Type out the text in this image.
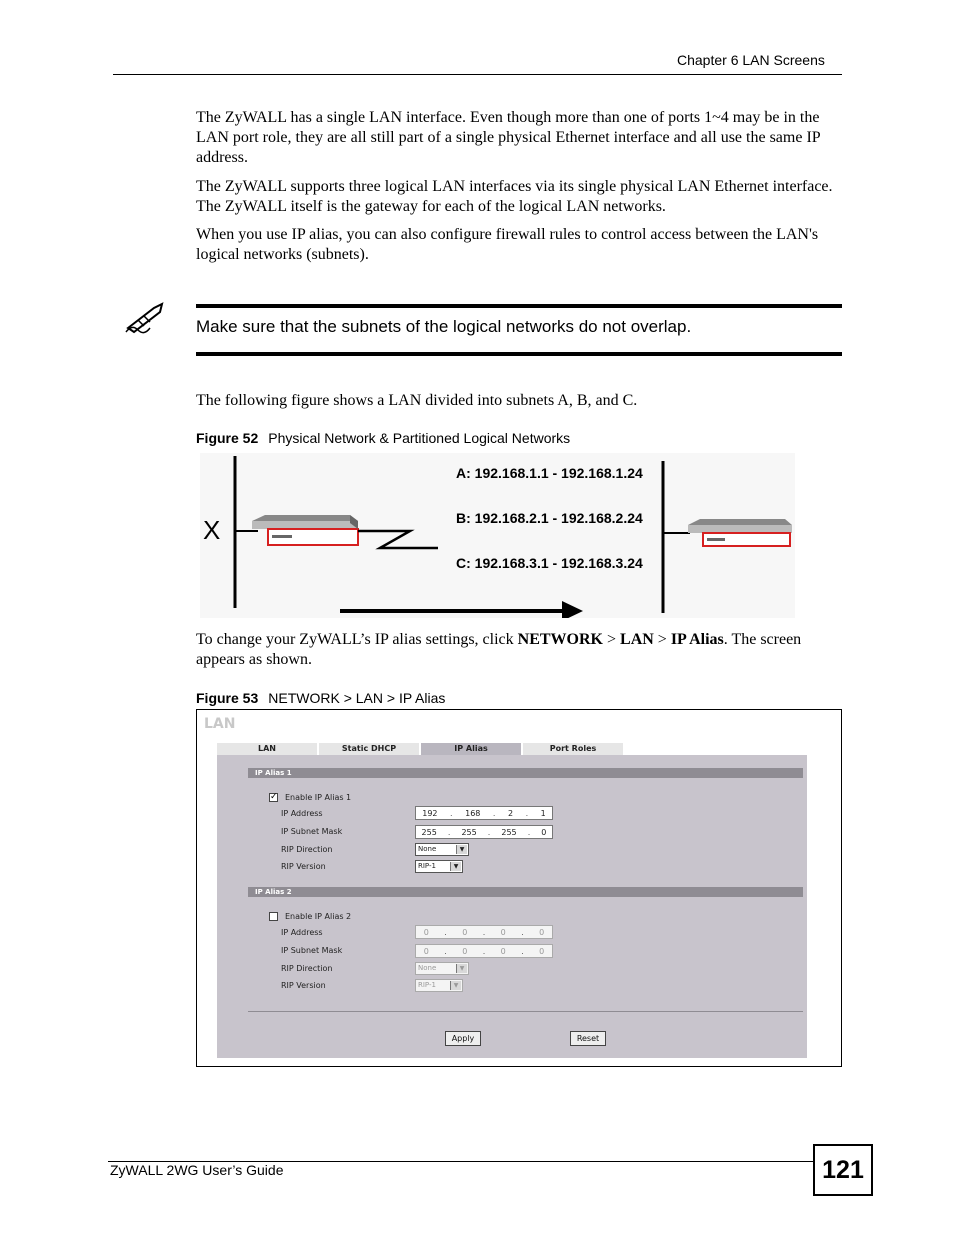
Chapter 6 LAN Screens
The ZyWALL has a single LAN interface. Even though more than one of ports 1~4 may be in the LAN port role, they are all still part of a single physical Ethernet interface and all use the same IP address.
The ZyWALL supports three logical LAN interfaces via its single physical LAN Ethernet interface. The ZyWALL itself is the gateway for each of the logical LAN networks.
When you use IP alias, you can also configure firewall rules to control access between the LAN's logical networks (subnets).
Make sure that the subnets of the logical networks do not overlap.
The following figure shows a LAN divided into subnets A, B, and C.
Figure 52 Physical Network & Partitioned Logical Networks
X
A: 192.168.1.1 - 192.168.1.24
B: 192.168.2.1 - 192.168.2.24
C: 192.168.3.1 - 192.168.3.24
To change your ZyWALL’s IP alias settings, click NETWORK > LAN > IP Alias. The screen appears as shown.
Figure 53 NETWORK > LAN > IP Alias
LAN
LAN	Static DHCP	IP Alias	Port Roles
IP Alias 1
✓ Enable IP Alias 1
IP Address	192 . 168 . 2 . 1
IP Subnet Mask	255 . 255 . 255 . 0
RIP Direction	None	▼
RIP Version	RIP-1	▼
IP Alias 2
Enable IP Alias 2
IP Address	0 . 0 . 0 . 0
IP Subnet Mask	0 . 0 . 0 . 0
RIP Direction	None	▼
RIP Version	RIP-1	▼
Apply	Reset
ZyWALL 2WG User’s Guide	121
